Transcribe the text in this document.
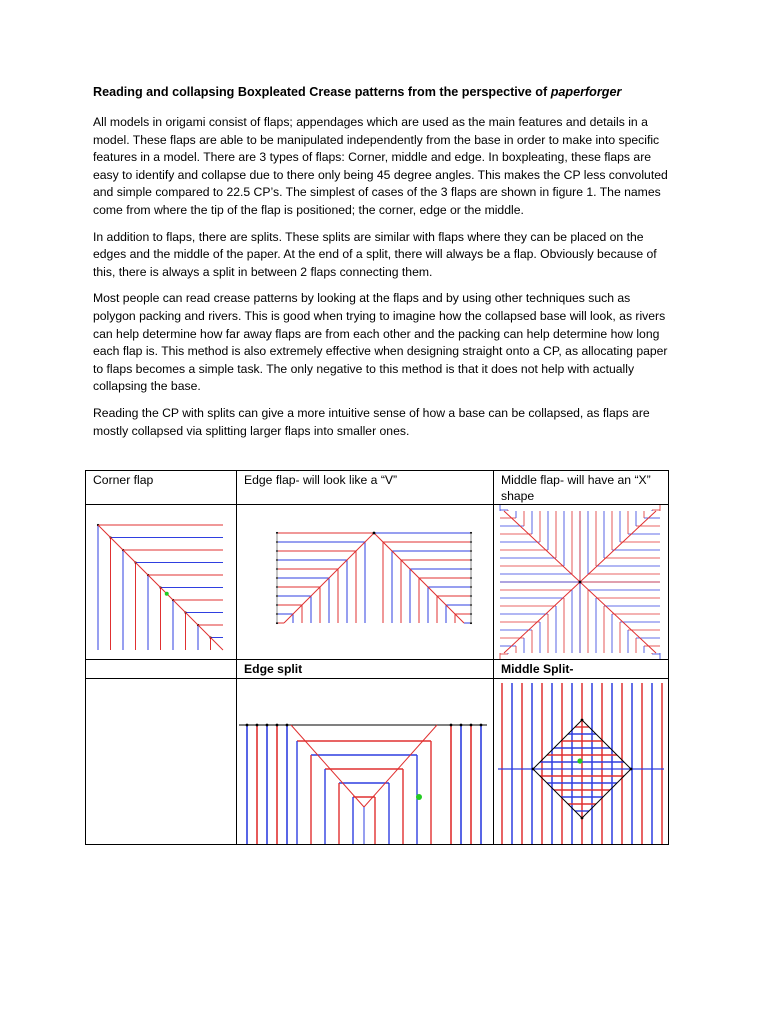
Reading and collapsing Boxpleated Crease patterns from the perspective of paperforger

All models in origami consist of flaps; appendages which are used as the main features and details in a model. These flaps are able to be manipulated independently from the base in order to make into specific features in a model. There are 3 types of flaps: Corner, middle and edge. In boxpleating, these flaps are easy to identify and collapse due to there only being 45 degree angles. This makes the CP less convoluted and simple compared to 22.5 CP’s. The simplest of cases of the 3 flaps are shown in figure 1. The names come from where the tip of the flap is positioned; the corner, edge or the middle.

In addition to flaps, there are splits. These splits are similar with flaps where they can be placed on the edges and the middle of the paper. At the end of a split, there will always be a flap. Obviously because of this, there is always a split in between 2 flaps connecting them.

Most people can read crease patterns by looking at the flaps and by using other techniques such as polygon packing and rivers. This is good when trying to imagine how the collapsed base will look, as rivers can help determine how far away flaps are from each other and the packing can help determine how long each flap is. This method is also extremely effective when designing straight onto a CP, as allocating paper to flaps becomes a simple task. The only negative to this method is that it does not help with actually collapsing the base.

Reading the CP with splits can give a more intuitive sense of how a base can be collapsed, as flaps are mostly collapsed via splitting larger flaps into smaller ones.

Corner flap	Edge flap- will look like a “V”	Middle flap- will have an “X” shape

	Edge split	Middle Split-
